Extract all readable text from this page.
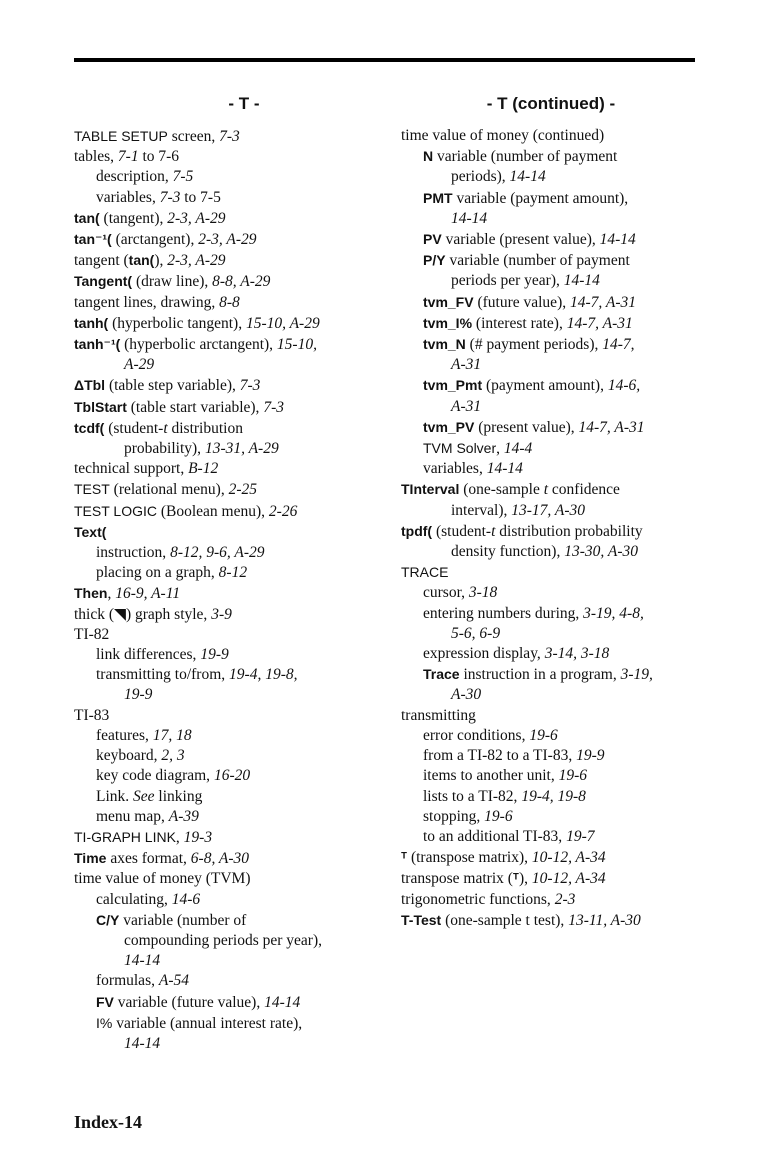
- T -
TABLE SETUP screen, 7-3
tables, 7-1 to 7-6
description, 7-5
variables, 7-3 to 7-5
tan( (tangent), 2-3, A-29
tan⁻¹( (arctangent), 2-3, A-29
tangent (tan(), 2-3, A-29
Tangent( (draw line), 8-8, A-29
tangent lines, drawing, 8-8
tanh( (hyperbolic tangent), 15-10, A-29
tanh⁻¹( (hyperbolic arctangent), 15-10,
A-29
ΔTbl (table step variable), 7-3
TblStart (table start variable), 7-3
tcdf( (student-t distribution
probability), 13-31, A-29
technical support, B-12
TEST (relational menu), 2-25
TEST LOGIC (Boolean menu), 2-26
Text(
instruction, 8-12, 9-6, A-29
placing on a graph, 8-12
Then, 16-9, A-11
thick (◥) graph style, 3-9
TI-82
link differences, 19-9
transmitting to/from, 19-4, 19-8,
19-9
TI-83
features, 17, 18
keyboard, 2, 3
key code diagram, 16-20
Link. See linking
menu map, A-39
TI-GRAPH LINK, 19-3
Time axes format, 6-8, A-30
time value of money (TVM)
calculating, 14-6
C/Y variable (number of
compounding periods per year),
14-14
formulas, A-54
FV variable (future value), 14-14
I% variable (annual interest rate),
14-14
- T (continued) -
time value of money (continued)
N variable (number of payment
periods), 14-14
PMT variable (payment amount),
14-14
PV variable (present value), 14-14
P/Y variable (number of payment
periods per year), 14-14
tvm_FV (future value), 14-7, A-31
tvm_I% (interest rate), 14-7, A-31
tvm_N (# payment periods), 14-7,
A-31
tvm_Pmt (payment amount), 14-6,
A-31
tvm_PV (present value), 14-7, A-31
TVM Solver, 14-4
variables, 14-14
TInterval (one-sample t confidence
interval), 13-17, A-30
tpdf( (student-t distribution probability
density function), 13-30, A-30
TRACE
cursor, 3-18
entering numbers during, 3-19, 4-8,
5-6, 6-9
expression display, 3-14, 3-18
Trace instruction in a program, 3-19,
A-30
transmitting
error conditions, 19-6
from a TI-82 to a TI-83, 19-9
items to another unit, 19-6
lists to a TI-82, 19-4, 19-8
stopping, 19-6
to an additional TI-83, 19-7
ᵀ (transpose matrix), 10-12, A-34
transpose matrix (ᵀ), 10-12, A-34
trigonometric functions, 2-3
T-Test (one-sample t test), 13-11, A-30
Index-14
